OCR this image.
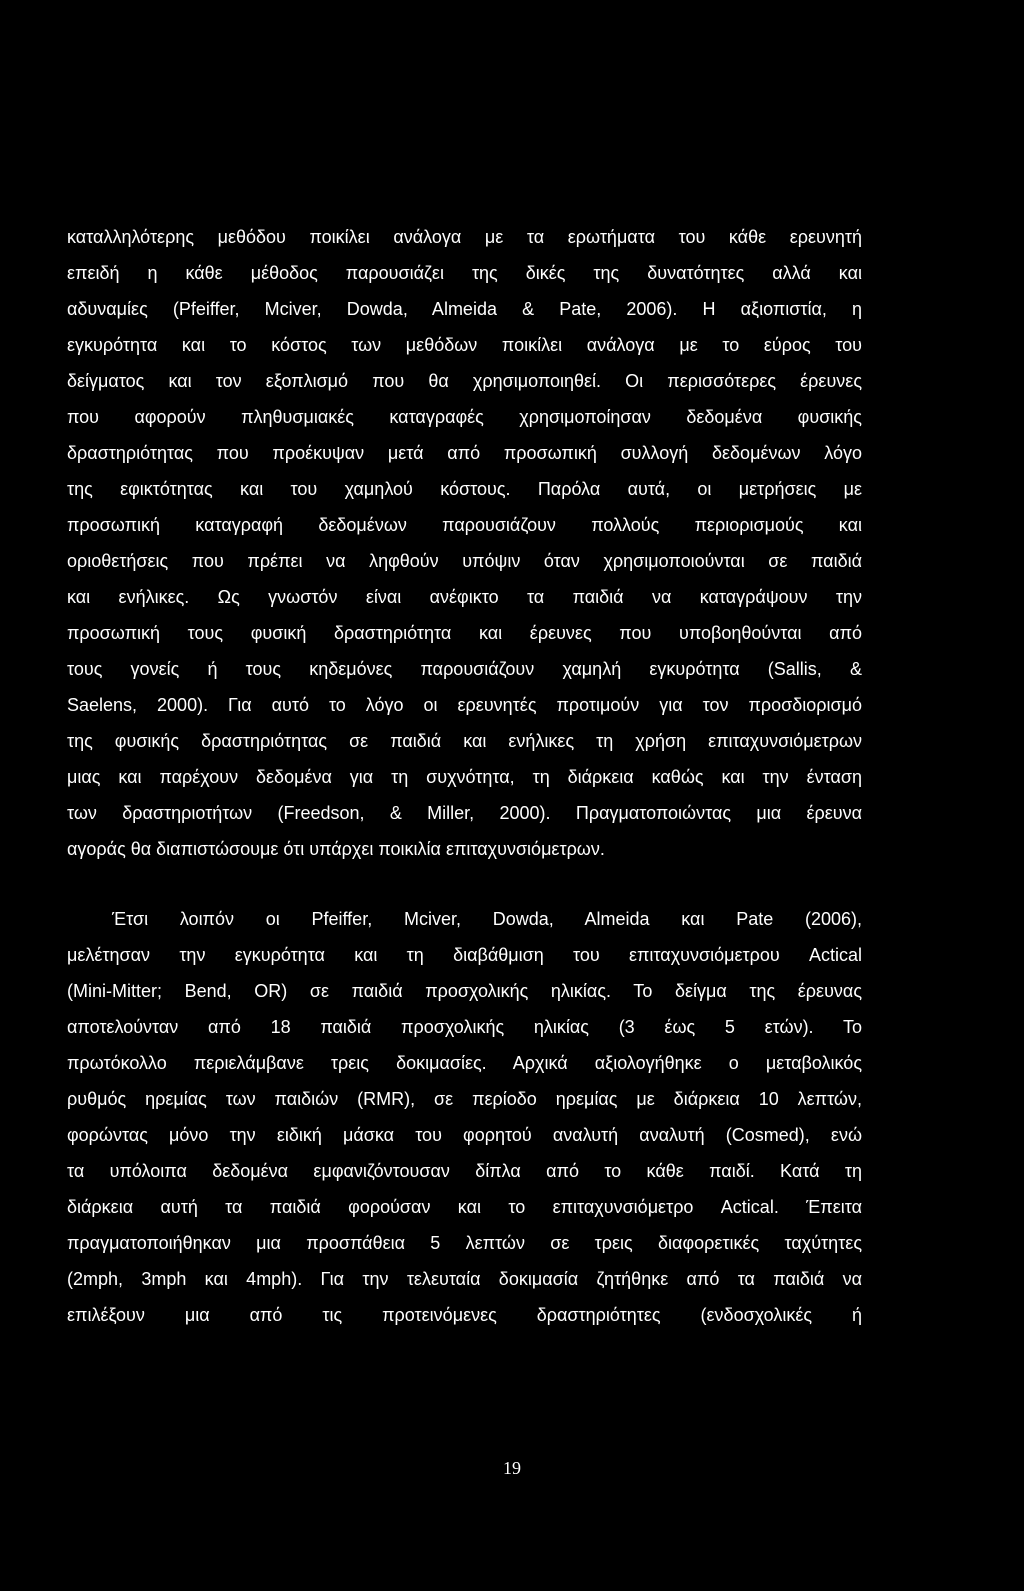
καταλληλότερης μεθόδου ποικίλει ανάλογα με τα ερωτήματα του κάθε ερευνητή
επειδή η κάθε μέθοδος παρουσιάζει της δικές της δυνατότητες αλλά και
αδυναμίες (Pfeiffer, Mciver, Dowda, Almeida & Pate, 2006). Η αξιοπιστία, η
εγκυρότητα και το κόστος των μεθόδων ποικίλει ανάλογα με το εύρος του
δείγματος και τον εξοπλισμό που θα χρησιμοποιηθεί. Οι περισσότερες έρευνες
που αφορούν πληθυσμιακές καταγραφές χρησιμοποίησαν δεδομένα φυσικής
δραστηριότητας που προέκυψαν μετά από προσωπική συλλογή δεδομένων λόγο
της εφικτότητας και του χαμηλού κόστους. Παρόλα αυτά, οι μετρήσεις με
προσωπική καταγραφή δεδομένων παρουσιάζουν πολλούς περιορισμούς και
οριοθετήσεις που πρέπει να ληφθούν υπόψιν όταν χρησιμοποιούνται σε παιδιά
και ενήλικες. Ως γνωστόν είναι ανέφικτο τα παιδιά να καταγράψουν την
προσωπική τους φυσική δραστηριότητα και έρευνες που υποβοηθούνται από
τους γονείς ή τους κηδεμόνες παρουσιάζουν χαμηλή εγκυρότητα (Sallis, &
Saelens, 2000). Για αυτό το λόγο οι ερευνητές προτιμούν για τον προσδιορισμό
της φυσικής δραστηριότητας σε παιδιά και ενήλικες τη χρήση επιταχυνσιόμετρων
μιας και παρέχουν δεδομένα για τη συχνότητα, τη διάρκεια καθώς και την ένταση
των δραστηριοτήτων (Freedson, & Miller, 2000). Πραγματοποιώντας μια έρευνα
αγοράς θα διαπιστώσουμε ότι υπάρχει ποικιλία επιταχυνσιόμετρων.
Έτσι λοιπόν οι Pfeiffer, Mciver, Dowda, Almeida και Pate (2006),
μελέτησαν την εγκυρότητα και τη διαβάθμιση του επιταχυνσιόμετρου Actical
(Mini-Mitter; Bend, OR) σε παιδιά προσχολικής ηλικίας. Το δείγμα της έρευνας
αποτελούνταν από 18 παιδιά προσχολικής ηλικίας (3 έως 5 ετών). Το
πρωτόκολλο περιελάμβανε τρεις δοκιμασίες. Αρχικά αξιολογήθηκε ο μεταβολικός
ρυθμός ηρεμίας των παιδιών (RMR), σε περίοδο ηρεμίας με διάρκεια 10 λεπτών,
φορώντας μόνο την ειδική μάσκα του φορητού αναλυτή αναλυτή (Cosmed), ενώ
τα υπόλοιπα δεδομένα εμφανιζόντουσαν δίπλα από το κάθε παιδί. Κατά τη
διάρκεια αυτή τα παιδιά φορούσαν και το επιταχυνσιόμετρο Actical. Έπειτα
πραγματοποιήθηκαν μια προσπάθεια 5 λεπτών σε τρεις διαφορετικές ταχύτητες
(2mph, 3mph και 4mph). Για την τελευταία δοκιμασία ζητήθηκε από τα παιδιά να
επιλέξουν μια από τις προτεινόμενες δραστηριότητες (ενδοσχολικές ή
19
